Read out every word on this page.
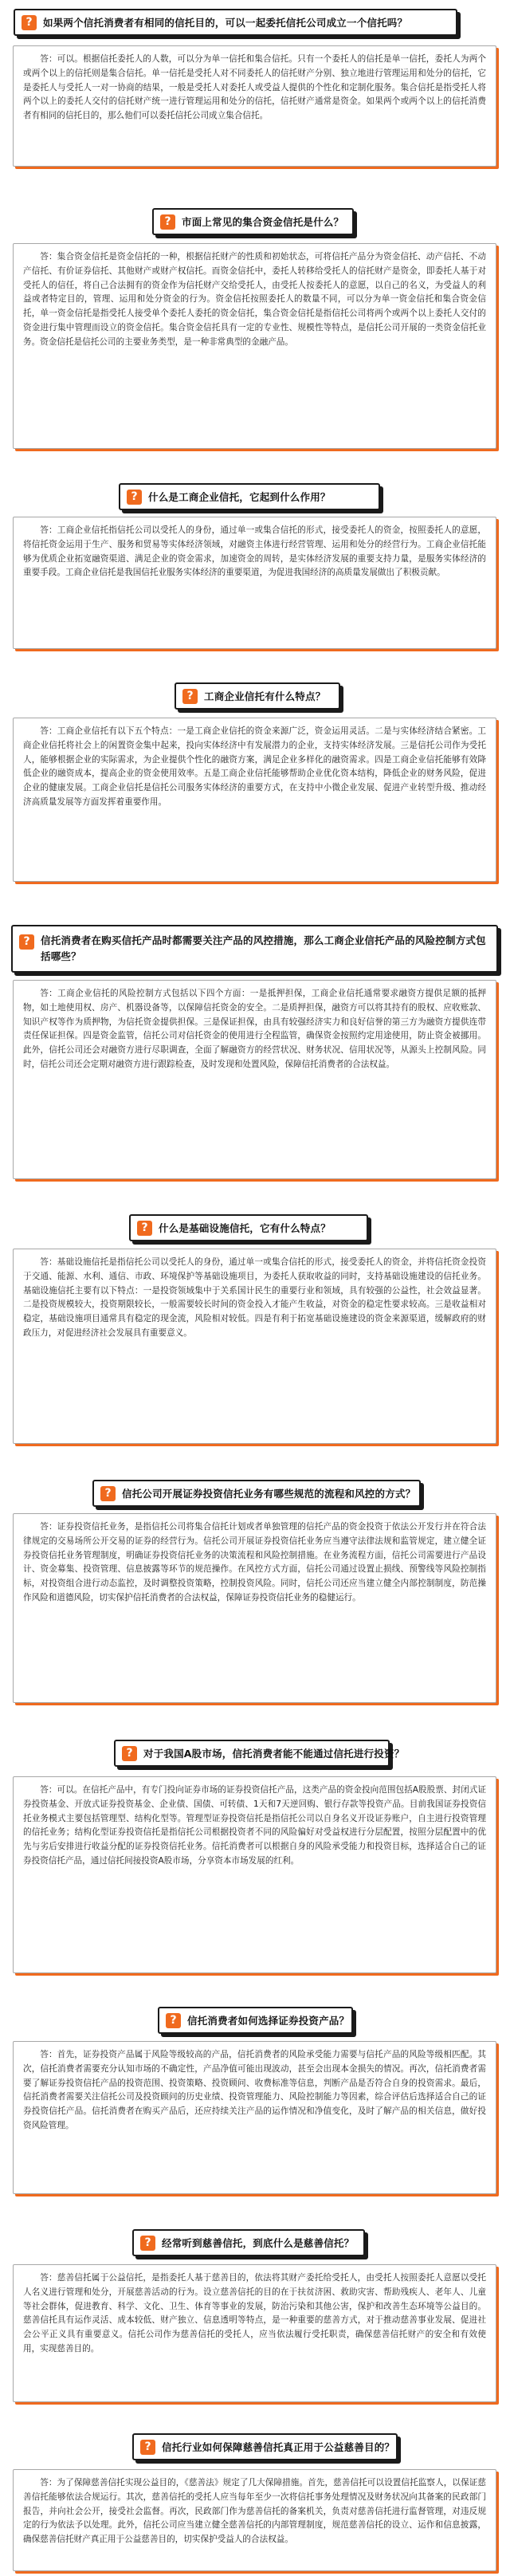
?	如果两个信托消费者有相同的信托目的，可以一起委托信托公司成立一个信托吗？

答：可以。根据信托委托人的人数，可以分为单一信托和集合信托。只有一个委托人的信托是单一信托，委托人为两个或两个以上的信托则是集合信托。单一信托是受托人对不同委托人的信托财产分别、独立地进行管理运用和处分的信托，它是委托人与受托人一对一协商的结果，一般是受托人对委托人或受益人提供的个性化和定制化服务。集合信托是指受托人将两个以上的委托人交付的信托财产统一进行管理运用和处分的信托，信托财产通常是资金。如果两个或两个以上的信托消费者有相同的信托目的，那么他们可以委托信托公司成立集合信托。

?	市面上常见的集合资金信托是什么？

答：集合资金信托是资金信托的一种，根据信托财产的性质和初始状态，可将信托产品分为资金信托、动产信托、不动产信托、有价证券信托、其他财产或财产权信托。而资金信托中，委托人转移给受托人的信托财产是资金，即委托人基于对受托人的信任，将自己合法拥有的资金作为信托财产交给受托人，由受托人按委托人的意愿，以自己的名义，为受益人的利益或者特定目的，管理、运用和处分资金的行为。资金信托按照委托人的数量不同，可以分为单一资金信托和集合资金信托，单一资金信托是指受托人接受单个委托人委托的资金信托，集合资金信托是指信托公司将两个或两个以上委托人交付的资金进行集中管理而设立的资金信托。集合资金信托具有一定的专业性、规模性等特点，是信托公司开展的一类资金信托业务。资金信托是信托公司的主要业务类型，是一种非常典型的金融产品。

?	什么是工商企业信托，它起到什么作用？

答：工商企业信托指信托公司以受托人的身份，通过单一或集合信托的形式，接受委托人的资金，按照委托人的意愿，将信托资金运用于生产、服务和贸易等实体经济领域，对融资主体进行经营管理、运用和处分的经营行为。工商企业信托能够为优质企业拓宽融资渠道、满足企业的资金需求，加速资金的周转，是实体经济发展的重要支持力量，是服务实体经济的重要手段。工商企业信托是我国信托业服务实体经济的重要渠道，为促进我国经济的高质量发展做出了积极贡献。

?	工商企业信托有什么特点？

答：工商企业信托有以下五个特点：一是工商企业信托的资金来源广泛，资金运用灵活。二是与实体经济结合紧密。工商企业信托将社会上的闲置资金集中起来，投向实体经济中有发展潜力的企业，支持实体经济发展。三是信托公司作为受托人，能够根据企业的实际需求，为企业提供个性化的融资方案，满足企业多样化的融资需求。四是工商企业信托能够有效降低企业的融资成本，提高企业的资金使用效率。五是工商企业信托能够帮助企业优化资本结构，降低企业的财务风险，促进企业的健康发展。工商企业信托是信托公司服务实体经济的重要方式，在支持中小微企业发展、促进产业转型升级、推动经济高质量发展等方面发挥着重要作用。

?	信托消费者在购买信托产品时都需要关注产品的风控措施，那么工商企业信托产品的风险控制方式包括哪些？

答：工商企业信托的风险控制方式包括以下四个方面：一是抵押担保，工商企业信托通常要求融资方提供足额的抵押物，如土地使用权、房产、机器设备等，以保障信托资金的安全。二是质押担保，融资方可以将其持有的股权、应收账款、知识产权等作为质押物，为信托资金提供担保。三是保证担保，由具有较强经济实力和良好信誉的第三方为融资方提供连带责任保证担保。四是资金监管，信托公司对信托资金的使用进行全程监管，确保资金按照约定用途使用，防止资金被挪用。此外，信托公司还会对融资方进行尽职调查，全面了解融资方的经营状况、财务状况、信用状况等，从源头上控制风险。同时，信托公司还会定期对融资方进行跟踪检查，及时发现和处置风险，保障信托消费者的合法权益。

?	什么是基础设施信托，它有什么特点？

答：基础设施信托是指信托公司以受托人的身份，通过单一或集合信托的形式，接受委托人的资金，并将信托资金投资于交通、能源、水利、通信、市政、环境保护等基础设施项目，为委托人获取收益的同时，支持基础设施建设的信托业务。基础设施信托主要有以下特点：一是投资领域集中于关系国计民生的重要行业和领域，具有较强的公益性，社会效益显著。二是投资规模较大，投资期限较长，一般需要较长时间的资金投入才能产生收益，对资金的稳定性要求较高。三是收益相对稳定，基础设施项目通常具有稳定的现金流，风险相对较低。四是有利于拓宽基础设施建设的资金来源渠道，缓解政府的财政压力，对促进经济社会发展具有重要意义。

?	信托公司开展证券投资信托业务有哪些规范的流程和风控的方式？

答：证券投资信托业务，是指信托公司将集合信托计划或者单独管理的信托产品的资金投资于依法公开发行并在符合法律规定的交易场所公开交易的证券的经营行为。信托公司开展证券投资信托业务应当遵守法律法规和监管规定，建立健全证券投资信托业务管理制度，明确证券投资信托业务的决策流程和风险控制措施。在业务流程方面，信托公司需要进行产品设计、资金募集、投资管理、信息披露等环节的规范操作。在风控方式方面，信托公司通过设置止损线、预警线等风险控制指标，对投资组合进行动态监控，及时调整投资策略，控制投资风险。同时，信托公司还应当建立健全内部控制制度，防范操作风险和道德风险，切实保护信托消费者的合法权益，保障证券投资信托业务的稳健运行。

?	对于我国A股市场，信托消费者能不能通过信托进行投资？

答：可以。在信托产品中，有专门投向证券市场的证券投资信托产品，这类产品的资金投向范围包括A股股票、封闭式证券投资基金、开放式证券投资基金、企业债、国债、可转债、1天和7天逆回购、银行存款等投资产品。目前我国证券投资信托业务模式主要包括管理型、结构化型等。管理型证券投资信托是指信托公司以自身名义开设证券账户，自主进行投资管理的信托业务；结构化型证券投资信托是指信托公司根据投资者不同的风险偏好对受益权进行分层配置，按照分层配置中的优先与劣后安排进行收益分配的证券投资信托业务。信托消费者可以根据自身的风险承受能力和投资目标，选择适合自己的证券投资信托产品，通过信托间接投资A股市场，分享资本市场发展的红利。

?	信托消费者如何选择证券投资产品？

答：首先，证券投资产品属于风险等级较高的产品，信托消费者的风险承受能力需要与信托产品的风险等级相匹配。其次，信托消费者需要充分认知市场的不确定性，产品净值可能出现波动，甚至会出现本金损失的情况。再次，信托消费者需要了解证券投资信托产品的投资范围、投资策略、投资顾问、收费标准等信息，判断产品是否符合自身的投资需求。最后，信托消费者需要关注信托公司及投资顾问的历史业绩、投资管理能力、风险控制能力等因素，综合评估后选择适合自己的证券投资信托产品。信托消费者在购买产品后，还应持续关注产品的运作情况和净值变化，及时了解产品的相关信息，做好投资风险管理。

?	经常听到慈善信托，到底什么是慈善信托？

答：慈善信托属于公益信托，是指委托人基于慈善目的，依法将其财产委托给受托人，由受托人按照委托人意愿以受托人名义进行管理和处分，开展慈善活动的行为。设立慈善信托的目的在于扶贫济困、救助灾害、帮助残疾人、老年人、儿童等社会群体，促进教育、科学、文化、卫生、体育等事业的发展，防治污染和其他公害，保护和改善生态环境等公益目的。慈善信托具有运作灵活、成本较低、财产独立、信息透明等特点，是一种重要的慈善方式，对于推动慈善事业发展、促进社会公平正义具有重要意义。信托公司作为慈善信托的受托人，应当依法履行受托职责，确保慈善信托财产的安全和有效使用，实现慈善目的。

?	信托行业如何保障慈善信托真正用于公益慈善目的？

答：为了保障慈善信托实现公益目的，《慈善法》规定了几大保障措施。首先，慈善信托可以设置信托监察人，以保证慈善信托能够依法合规运行。其次，慈善信托的受托人应当每年至少一次将信托事务处理情况及财务状况向其备案的民政部门报告，并向社会公开，接受社会监督。再次，民政部门作为慈善信托的备案机关，负责对慈善信托进行监督管理，对违反规定的行为依法予以处理。此外，信托公司应当建立健全慈善信托的内部管理制度，规范慈善信托的设立、运作和信息披露，确保慈善信托财产真正用于公益慈善目的，切实保护受益人的合法权益。
